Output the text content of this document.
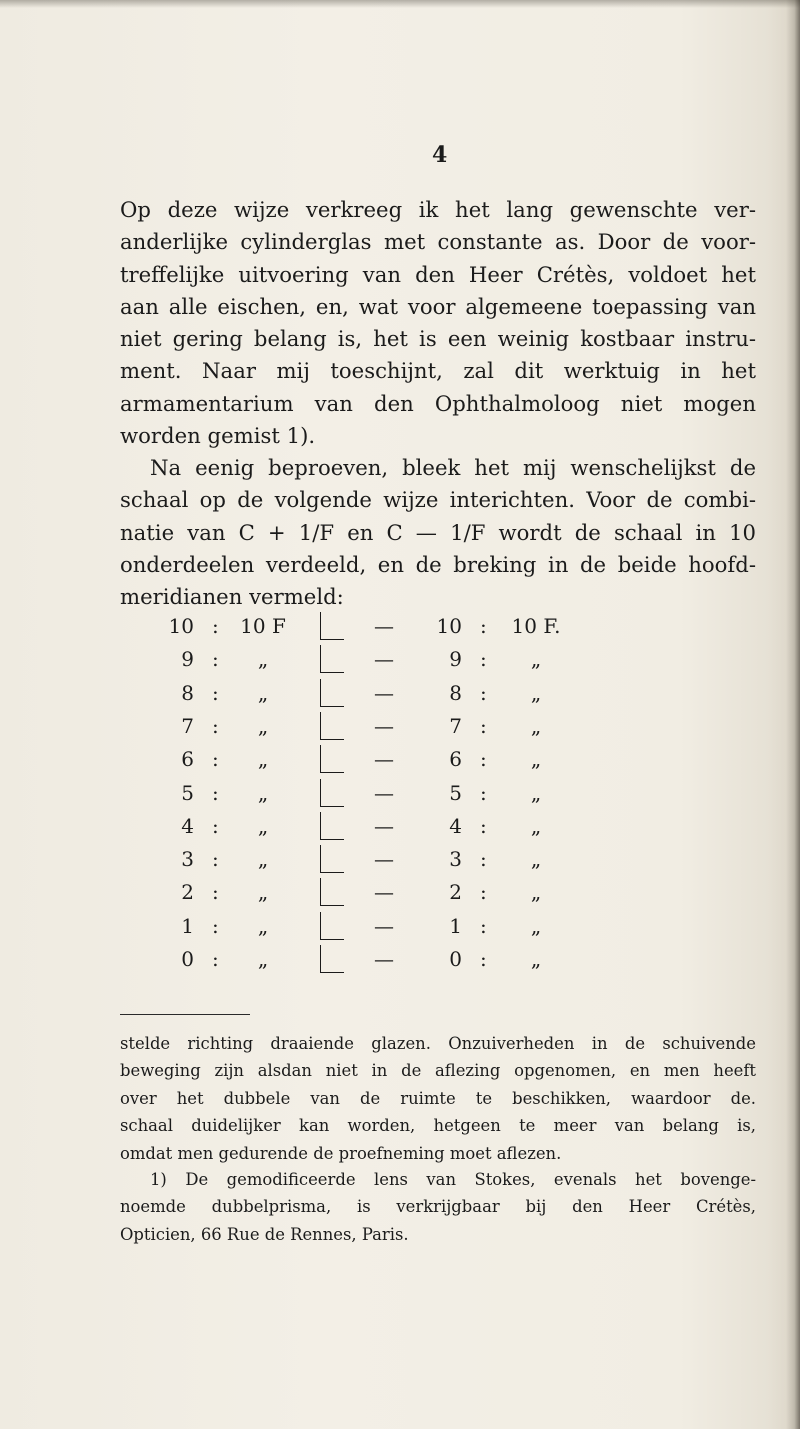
4
Op deze wijze verkreeg ik het lang gewenschte ver-
anderlijke cylinderglas met constante as. Door de voor-
treffelijke uitvoering van den Heer Crétès, voldoet het
aan alle eischen, en, wat voor algemeene toepassing van
niet gering belang is, het is een weinig kostbaar instru-
ment. Naar mij toeschijnt, zal dit werktuig in het
armamentarium van den Ophthalmoloog niet mogen
worden gemist 1).
Na eenig beproeven, bleek het mij wenschelijkst de
schaal op de volgende wijze interichten. Voor de combi-
natie van C + 1/F en C — 1/F wordt de schaal in 10
onderdeelen verdeeld, en de breking in de beide hoofd-
meridianen vermeld:
10 :	10 F	—	10 :	10 F.
9 :	„	—	9 :	„
8 :	„	—	8 :	„
7 :	„	—	7 :	„
6 :	„	—	6 :	„
5 :	„	—	5 :	„
4 :	„	—	4 :	„
3 :	„	—	3 :	„
2 :	„	—	2 :	„
1 :	„	—	1 :	„
0 :	„	—	0 :	„
stelde richting draaiende glazen. Onzuiverheden in de schuivende
beweging zijn alsdan niet in de aflezing opgenomen, en men heeft
over het dubbele van de ruimte te beschikken, waardoor de.
schaal duidelijker kan worden, hetgeen te meer van belang is,
omdat men gedurende de proefneming moet aflezen.
1) De gemodificeerde lens van Stokes, evenals het bovenge-
noemde dubbelprisma, is verkrijgbaar bij den Heer Crétès,
Opticien, 66 Rue de Rennes, Paris.
